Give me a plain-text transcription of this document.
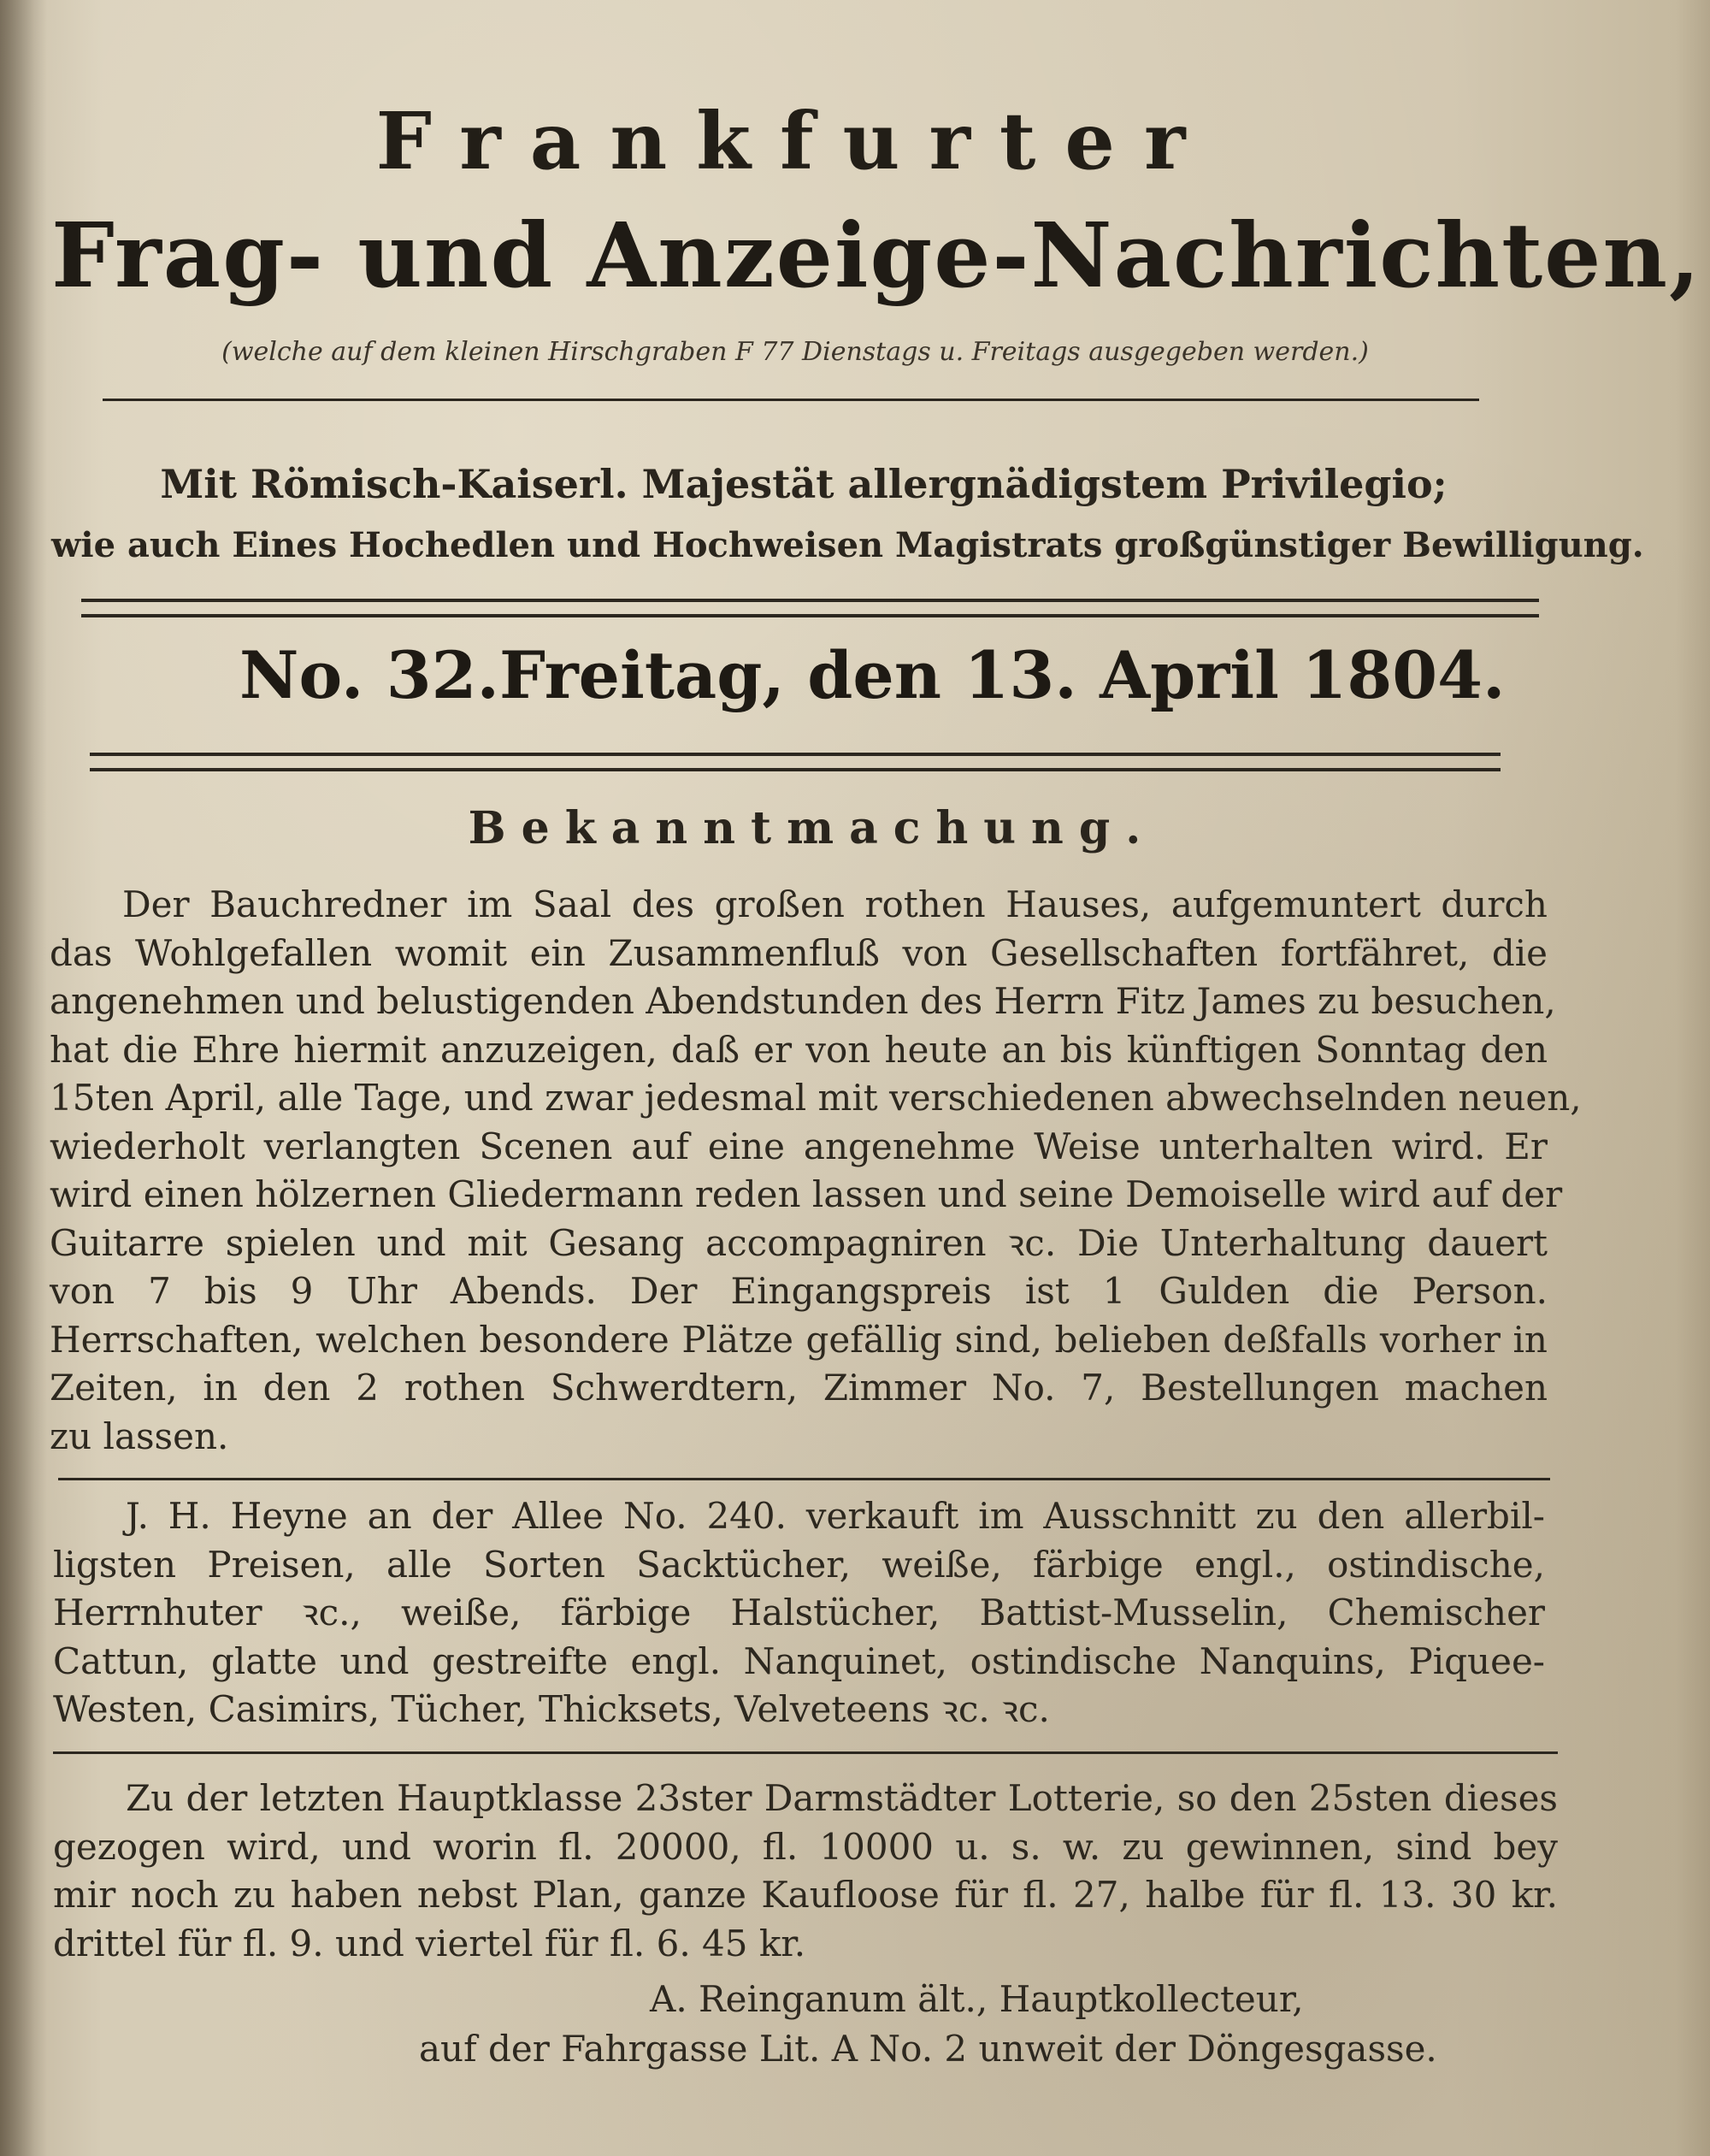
Frankfurter
Frag- und Anzeige-Nachrichten,
(welche auf dem kleinen Hirschgraben F 77 Dienstags u. Freitags ausgegeben werden.)
Mit Römisch-Kaiserl. Majestät allergnädigstem Privilegio;
wie auch Eines Hochedlen und Hochweisen Magistrats großgünstiger Bewilligung.
No. 32. Freitag, den 13. April 1804.
Bekanntmachung.
Der Bauchredner im Saal des großen rothen Hauses, aufgemuntert durch
das Wohlgefallen womit ein Zusammenfluß von Gesellschaften fortfähret, die
angenehmen und belustigenden Abendstunden des Herrn Fitz James zu besuchen,
hat die Ehre hiermit anzuzeigen, daß er von heute an bis künftigen Sonntag den
15ten April, alle Tage, und zwar jedesmal mit verschiedenen abwechselnden neuen,
wiederholt verlangten Scenen auf eine angenehme Weise unterhalten wird. Er
wird einen hölzernen Gliedermann reden lassen und seine Demoiselle wird auf der
Guitarre spielen und mit Gesang accompagniren ꝛc. Die Unterhaltung dauert
von 7 bis 9 Uhr Abends. Der Eingangspreis ist 1 Gulden die Person.
Herrschaften, welchen besondere Plätze gefällig sind, belieben deßfalls vorher in
Zeiten, in den 2 rothen Schwerdtern, Zimmer No. 7, Bestellungen machen
zu lassen.
J. H. Heyne an der Allee No. 240. verkauft im Ausschnitt zu den allerbil-
ligsten Preisen, alle Sorten Sacktücher, weiße, färbige engl., ostindische,
Herrnhuter ꝛc., weiße, färbige Halstücher, Battist-Musselin, Chemischer
Cattun, glatte und gestreifte engl. Nanquinet, ostindische Nanquins, Piquee-
Westen, Casimirs, Tücher, Thicksets, Velveteens ꝛc. ꝛc.
Zu der letzten Hauptklasse 23ster Darmstädter Lotterie, so den 25sten dieses
gezogen wird, und worin fl. 20000, fl. 10000 u. s. w. zu gewinnen, sind bey
mir noch zu haben nebst Plan, ganze Kaufloose für fl. 27, halbe für fl. 13. 30 kr.
drittel für fl. 9. und viertel für fl. 6. 45 kr.
A. Reinganum ält., Hauptkollecteur,
auf der Fahrgasse Lit. A No. 2 unweit der Döngesgasse.
